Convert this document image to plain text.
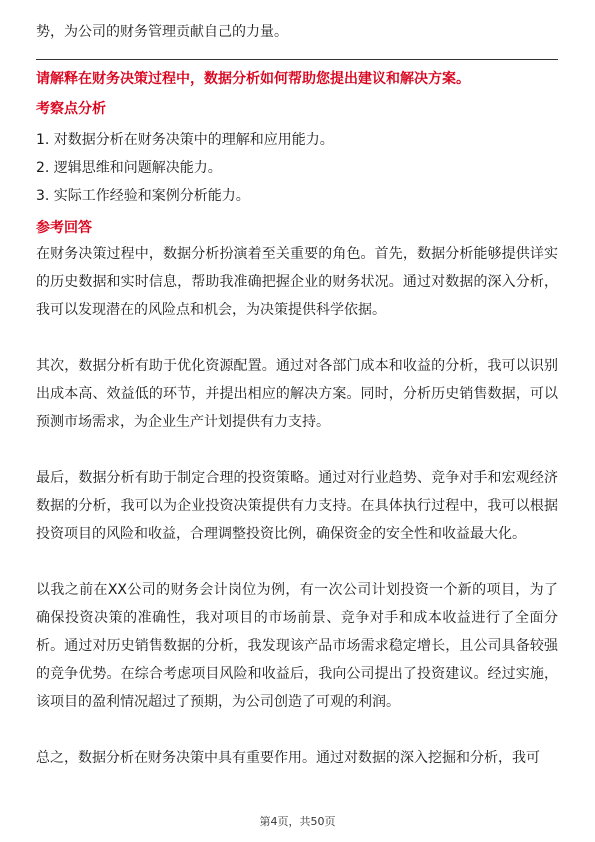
势，为公司的财务管理贡献自己的力量。

请解释在财务决策过程中，数据分析如何帮助您提出建议和解决方案。
考察点分析
1. 对数据分析在财务决策中的理解和应用能力。
2. 逻辑思维和问题解决能力。
3. 实际工作经验和案例分析能力。
参考回答

在财务决策过程中，数据分析扮演着至关重要的角色。首先，数据分析能够提供详实的历史数据和实时信息，帮助我准确把握企业的财务状况。通过对数据的深入分析，我可以发现潜在的风险点和机会，为决策提供科学依据。

其次，数据分析有助于优化资源配置。通过对各部门成本和收益的分析，我可以识别出成本高、效益低的环节，并提出相应的解决方案。同时，分析历史销售数据，可以预测市场需求，为企业生产计划提供有力支持。

最后，数据分析有助于制定合理的投资策略。通过对行业趋势、竞争对手和宏观经济数据的分析，我可以为企业投资决策提供有力支持。在具体执行过程中，我可以根据投资项目的风险和收益，合理调整投资比例，确保资金的安全性和收益最大化。

以我之前在XX公司的财务会计岗位为例，有一次公司计划投资一个新的项目，为了确保投资决策的准确性，我对项目的市场前景、竞争对手和成本收益进行了全面分析。通过对历史销售数据的分析，我发现该产品市场需求稳定增长，且公司具备较强的竞争优势。在综合考虑项目风险和收益后，我向公司提出了投资建议。经过实施，该项目的盈利情况超过了预期，为公司创造了可观的利润。

总之，数据分析在财务决策中具有重要作用。通过对数据的深入挖掘和分析，我可

第4页，共50页
